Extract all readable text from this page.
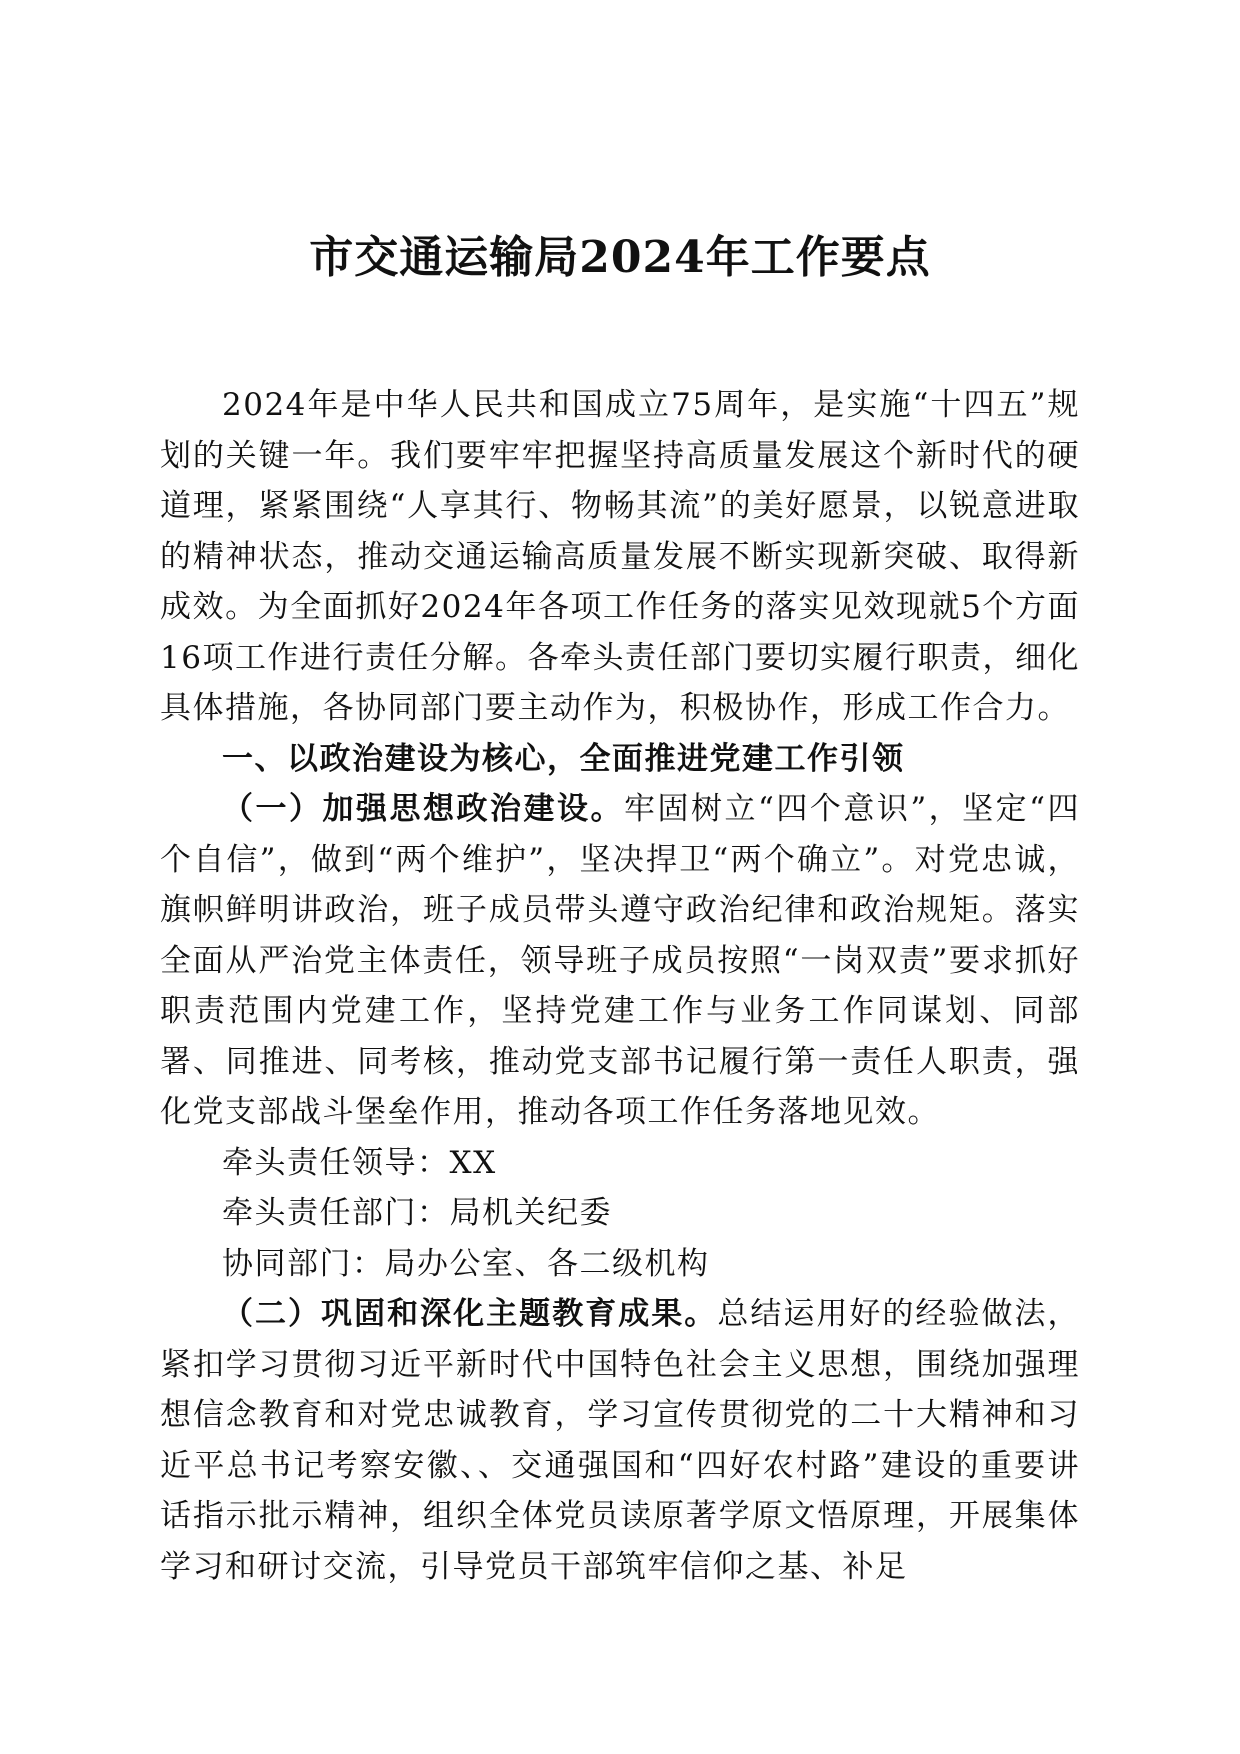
市交通运输局2024年工作要点

2024年是中华人民共和国成立75周年，是实施“十四五”规划的关键一年。我们要牢牢把握坚持高质量发展这个新时代的硬道理，紧紧围绕“人享其行、物畅其流”的美好愿景，以锐意进取的精神状态，推动交通运输高质量发展不断实现新突破、取得新成效。为全面抓好2024年各项工作任务的落实见效现就5个方面16项工作进行责任分解。各牵头责任部门要切实履行职责，细化具体措施，各协同部门要主动作为，积极协作，形成工作合力。

一、以政治建设为核心，全面推进党建工作引领

（一）加强思想政治建设。牢固树立“四个意识”，坚定“四个自信”，做到“两个维护”，坚决捍卫“两个确立”。对党忠诚，旗帜鲜明讲政治，班子成员带头遵守政治纪律和政治规矩。落实全面从严治党主体责任，领导班子成员按照“一岗双责”要求抓好职责范围内党建工作，坚持党建工作与业务工作同谋划、同部署、同推进、同考核，推动党支部书记履行第一责任人职责，强化党支部战斗堡垒作用，推动各项工作任务落地见效。

牵头责任领导：XX

牵头责任部门：局机关纪委

协同部门：局办公室、各二级机构

（二）巩固和深化主题教育成果。总结运用好的经验做法，紧扣学习贯彻习近平新时代中国特色社会主义思想，围绕加强理想信念教育和对党忠诚教育，学习宣传贯彻党的二十大精神和习近平总书记考察安徽、、交通强国和“四好农村路”建设的重要讲话指示批示精神，组织全体党员读原著学原文悟原理，开展集体学习和研讨交流，引导党员干部筑牢信仰之基、补足
